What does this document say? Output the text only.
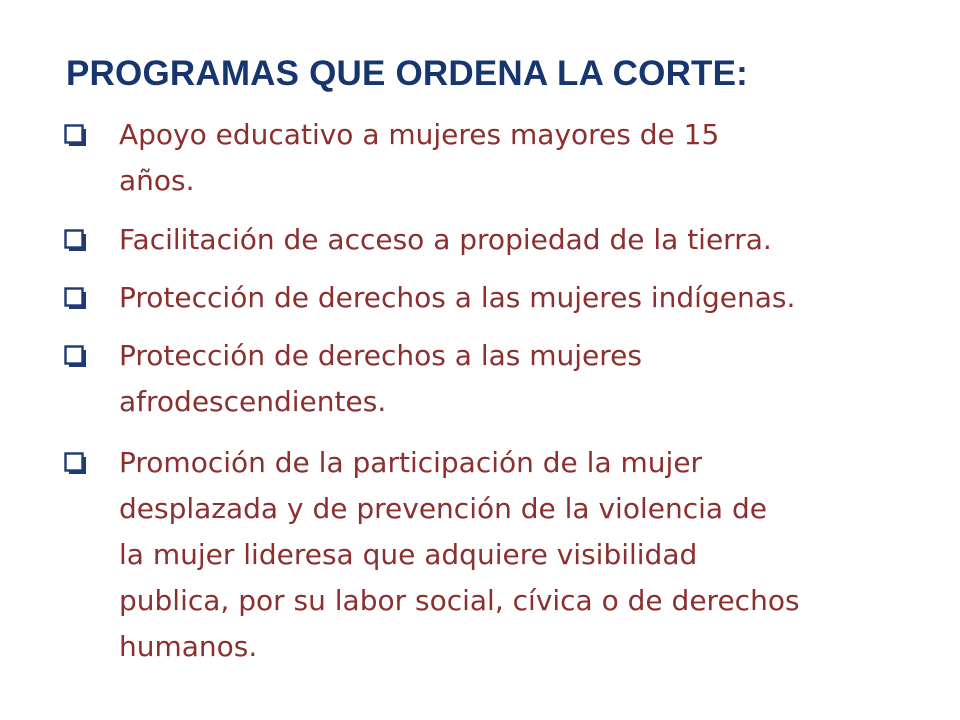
PROGRAMAS QUE ORDENA LA CORTE:

Apoyo educativo a mujeres mayores de 15
años.

Facilitación de acceso a propiedad de la tierra.

Protección de derechos a las mujeres indígenas.

Protección de derechos a las mujeres
afrodescendientes.

Promoción de la participación de la mujer
desplazada y de prevención de la violencia de
la mujer lideresa que adquiere visibilidad
publica, por su labor social, cívica o de derechos
humanos.
